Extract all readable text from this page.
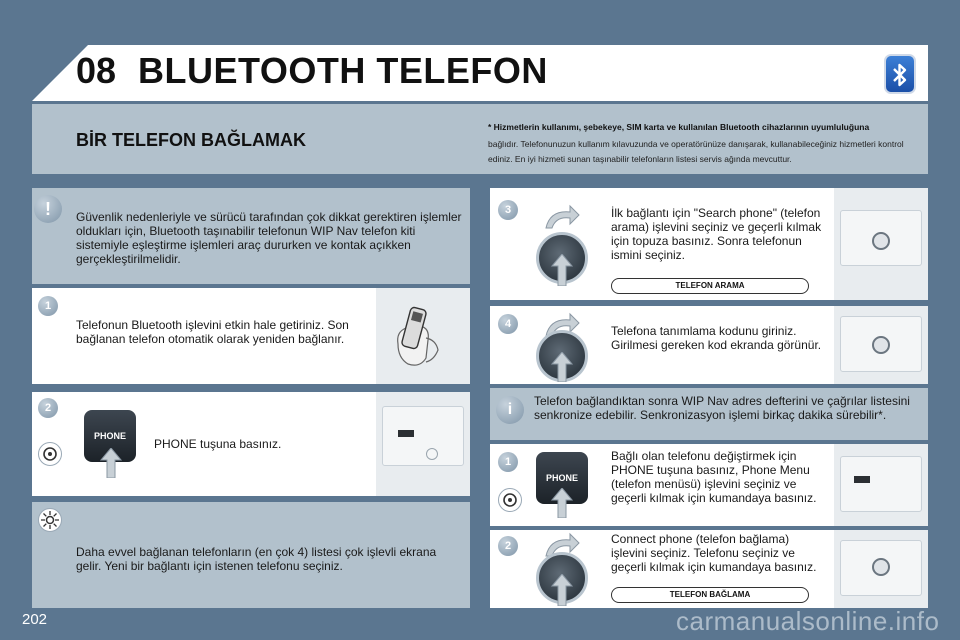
08 BLUETOOTH TELEFON
BİR TELEFON BAĞLAMAK
* Hizmetlerin kullanımı, şebekeye, SIM karta ve kullanılan Bluetooth cihazlarının uyumluluğuna
bağlıdır. Telefonunuzun kullanım kılavuzunda ve operatörünüze danışarak, kullanabileceğiniz hizmetleri kontrol ediniz. En iyi hizmeti sunan taşınabilir telefonların listesi servis ağında mevcuttur.
!	Güvenlik nedenleriyle ve sürücü tarafından çok dikkat gerektiren işlemler oldukları için, Bluetooth taşınabilir telefonun WIP Nav telefon kiti sistemiyle eşleştirme işlemleri araç dururken ve kontak açıkken gerçekleştirilmelidir.
1
Telefonun Bluetooth işlevini etkin hale getiriniz. Son bağlanan telefon otomatik olarak yeniden bağlanır.
2
PHONE
PHONE tuşuna basınız.
Daha evvel bağlanan telefonların (en çok 4) listesi çok işlevli ekrana gelir. Yeni bir bağlantı için istenen telefonu seçiniz.
3	İlk bağlantı için "Search phone" (telefon arama) işlevini seçiniz ve geçerli kılmak için topuza basınız. Sonra telefonun ismini seçiniz.
TELEFON ARAMA
4	Telefona tanımlama kodunu giriniz. Girilmesi gereken kod ekranda görünür.
i	Telefon bağlandıktan sonra WIP Nav adres defterini ve çağrılar listesini senkronize edebilir. Senkronizasyon işlemi birkaç dakika sürebilir*.
1
PHONE
Bağlı olan telefonu değiştirmek için PHONE tuşuna basınız, Phone Menu (telefon menüsü) işlevini seçiniz ve geçerli kılmak için kumandaya basınız.
2	Connect phone (telefon bağlama) işlevini seçiniz. Telefonu seçiniz ve geçerli kılmak için kumandaya basınız.
TELEFON BAĞLAMA
202	carmanualsonline.info
